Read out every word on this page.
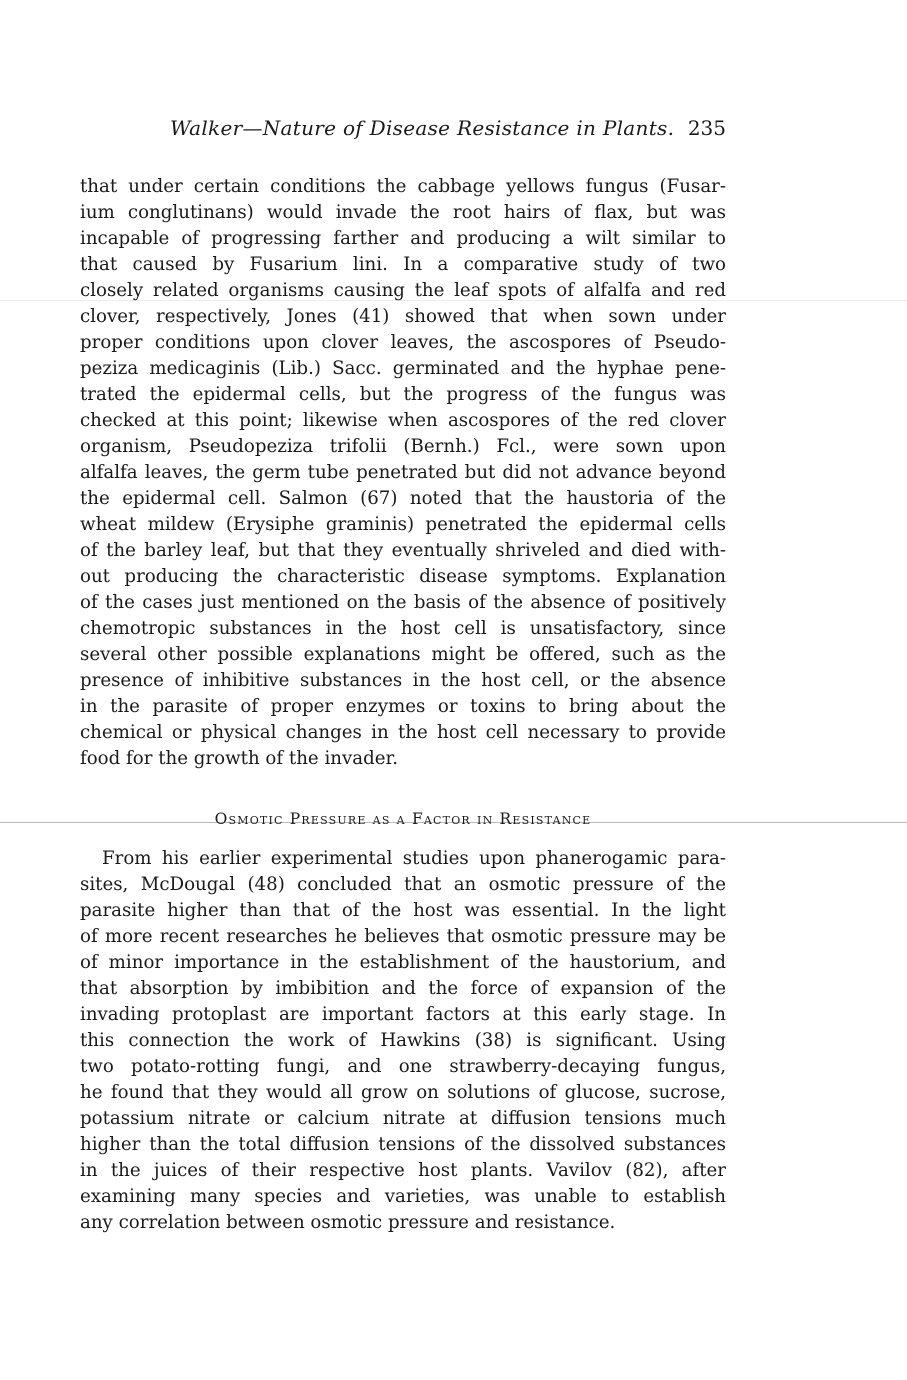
Walker—Nature of Disease Resistance in Plants. 235
that under certain conditions the cabbage yellows fungus (Fusar-
ium conglutinans) would invade the root hairs of flax, but was
incapable of progressing farther and producing a wilt similar to
that caused by Fusarium lini. In a comparative study of two
closely related organisms causing the leaf spots of alfalfa and red
clover, respectively, Jones (41) showed that when sown under
proper conditions upon clover leaves, the ascospores of Pseudo-
peziza medicaginis (Lib.) Sacc. germinated and the hyphae pene-
trated the epidermal cells, but the progress of the fungus was
checked at this point; likewise when ascospores of the red clover
organism, Pseudopeziza trifolii (Bernh.) Fcl., were sown upon
alfalfa leaves, the germ tube penetrated but did not advance beyond
the epidermal cell. Salmon (67) noted that the haustoria of the
wheat mildew (Erysiphe graminis) penetrated the epidermal cells
of the barley leaf, but that they eventually shriveled and died with-
out producing the characteristic disease symptoms. Explanation
of the cases just mentioned on the basis of the absence of positively
chemotropic substances in the host cell is unsatisfactory, since
several other possible explanations might be offered, such as the
presence of inhibitive substances in the host cell, or the absence
in the parasite of proper enzymes or toxins to bring about the
chemical or physical changes in the host cell necessary to provide
food for the growth of the invader.
Osmotic Pressure as a Factor in Resistance
From his earlier experimental studies upon phanerogamic para-
sites, McDougal (48) concluded that an osmotic pressure of the
parasite higher than that of the host was essential. In the light
of more recent researches he believes that osmotic pressure may be
of minor importance in the establishment of the haustorium, and
that absorption by imbibition and the force of expansion of the
invading protoplast are important factors at this early stage. In
this connection the work of Hawkins (38) is significant. Using
two potato-rotting fungi, and one strawberry-decaying fungus,
he found that they would all grow on solutions of glucose, sucrose,
potassium nitrate or calcium nitrate at diffusion tensions much
higher than the total diffusion tensions of the dissolved substances
in the juices of their respective host plants. Vavilov (82), after
examining many species and varieties, was unable to establish
any correlation between osmotic pressure and resistance.
